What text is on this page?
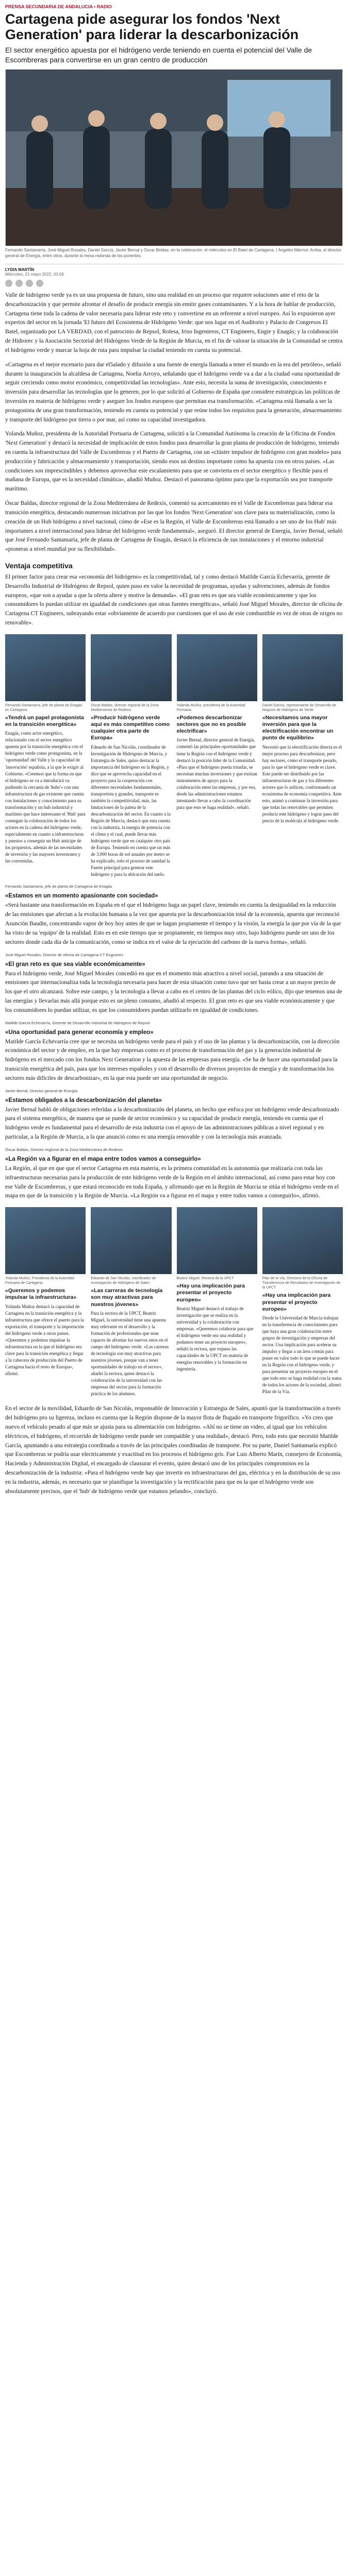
PRENSA SECUNDARIA DE ANDALUCIA • RADIO
Cartagena pide asegurar los fondos 'Next Generation' para liderar la descarbonización
El sector energético apuesta por el hidrógeno verde teniendo en cuenta el potencial del Valle de Escombreras para convertirse en un gran centro de producción
Fernando Santamaría, José Miguel Rosales, Daniel García, Javier Bernal y Óscar Beldas, en la celebración, el miércoles en El Batel de Cartagena. | Ángeles Mármol. Arriba, el director general de Energía, entre otros, durante la mesa redonda de los ponentes.
LYDIA MARTÍN
Miércoles, 21 mayo 2022, 03:09

Valle de hidrógeno verde ya es un una propuesta de futuro, sino una realidad en un proceso que requiere soluciones ante el reto de la descarbonización y que permite afrontar el desafío de producir energía sin emitir gases contaminantes. Y a la hora de hablar de producción, Cartagena tiene toda la cadena de valor necesaria para liderar este reto y convertirse en un referente a nivel europeo. Así lo expusieron ayer expertos del sector en la jornada 'El futuro del Ecosistema de Hidrógeno Verde: que nos lugar en el Auditorio y Palacio de Congresos El Batel, organizado por LA VERDAD, con el patrocinio de Repsol, Rolesa, Iriso Ingenieros, CT Engineers, Engie y Enagás; y la colaboración de Hidrorec y la Asociación Sectorial del Hidrógeno Verde de la Región de Murcia, en el fin de valorar la situación de la Comunidad se centra el hidrógeno verde y marcar la hoja de ruta para impulsar la ciudad teniendo en cuenta su potencial.

«Cartagena es el mejor escenario para dar el5alado y difusión a una fuente de energía llamada a tener el mundo en la era del petróleo», señaló durante la inauguración la alcaldesa de Cartagena, Noelia Arroyo, señalando que el hidrógeno verde va a dar a la ciudad «una oportunidad de seguir creciendo como motor económico, competitividad las tecnologías». Ante esto, necesita la suma de investigación, conocimiento e inversión para desarrollar las tecnologías que lo generen, por lo que solicitó al Gobierno de España que considere estratégicas las políticas de inversión en materia de hidrógeno verde y asegure los fondos europeos que permitan esa transformación. «Cartagena está llamada a ser la protagonista de una gran transformación, teniendo en cuenta su potencial y que reúne todos los requisitos para la generación, almacenamiento y transporte del hidrógeno por tierra o por mar, así como su capacidad investigadora.

Yolanda Muñoz, presidenta de la Autoridad Portuaria de Cartagena, solicitó a la Comunidad Autónoma la creación de la Oficina de Fondos 'Next Generation' y destacó la necesidad de implicación de estos fondos para desarrollar la gran planta de producción de hidrógeno, teniendo en cuenta la infraestructura del Valle de Escombreras y el Puerto de Cartagena, con un «clúster impulsor de hidrógeno con gran modelo» para producción y fabricación y almacenamiento y transportación, siendo esos un destino importante como ha apuesta con en otros países. «Las condiciones son imprescindibles y debemos aprovechar este escalamiento para que se convierta en el sector energético y flexible para el mañana de Europa, que es la necesidad climática», añadió Muñoz. Destacó el panorama óptimo para que la exportación sea por transporte marítimo.

Óscar Baldas, director regional de la Zona Mediterránea de Redexis, comentó su acercamiento en el Valle de Escombreras para liderar esa transición energética, destacando numerosas iniciativas por las que los fondos 'Next Generation' son clave para su materialización, como la creación de un Hub hidrógeno a nivel nacional, cómo de «Ese es la Región, el Valle de Escombreras está llamado a ser uno de los Hub' más importantes a nivel internacional para liderar del hidrógeno verde fundamental», aseguró. El director general de Energía, Javier Bernal, señaló que José Fernando Santamaría, jefe de planta de Cartagena de Enagás, destacó la eficiencia de sus instalaciones y el entorno industrial «pioneras a nivel mundial por su flexibilidad».

Ventaja competitiva

El primer factor para crear esa «economía del hidrógeno» es la competitividad, tal y como destacó Matilde García Echevarría, gerente de Desarrollo Industrial de Hidrógeno de Repsol, quien puso en valor la necesidad de programas, ayudas y subvenciones, además de fondos europeos, «que son a ayudar a que la oferta altere y motive la demanda». «El gran reto es que sea viable económicamente y que los consumidores lo puedan utilizar en igualdad de condiciones que otras fuentes energéticas», señaló José Miguel Morales, director de oficina de Cartagena CT Engineers, subrayando estar «obviamente de acuerdo por cuestiones que el uso de este combustible es vez de otras de origen no renovable».

Fernando Santamaría, jefe de planta de Enagás en Cartagena
«Tendrá un papel protagonista en la transición energética»
Enagás, como actor energético, relacionado con el sector energético apuesta por la transición energética con el hidrógeno verde como protagonista, en la 'oportunidad' del Valle y la capacidad de 'innovación' española, a la que le exigió al Gobierno. «Creemos que la forma en que el hidrógeno se va a introducirá va pudiendo la cercanía de 'hubs'» con una infraestructura de gas existente que cuenta con instalaciones y conocimiento para su transformación y un hub industrial y marítimo que hace interesante el 'Hub' para conseguir la colaboración de todos los actores en la cadena del hidrógeno verde, especialmente en cuanto a infraestructuras y puestos a conseguir un Hub anticipe de los propiestos, además de las necesidades de inversión y las mayores inversiones y las convenidas.
Óscar Baldas, director regional de la Zona Mediterránea de Redexis
«Producir hidrógeno verde aquí es más competitivo como cualquier otra parte de Europa»
Eduardo de San Nicolás, coordinador de Investigación de Hidrógeno de Murcia, y Estrategia de Sales, quiso destacar la importancia del hidrógeno en la Región, y dice que se aprovecha capacidad en el proyecto para la cooperación con diferentes necesidades fundamentales, transportista y grandes, transporte es también la competitividad, más, las limitaciones de la paleta de la descarbonización del sector. En cuanto a la Región de Murcia, destacó que esta cuenta con la industria, la energía de potencia con el clima y el cual, puede llevar más hidrógeno verde que en cualquier otro país de Europa. Teniendo en cuenta que un más de 3.000 horas de sol anuales por metro se ha explicado, solo el proceso de sanidad la Fuerte principal para generar este hidrógeno y para la ubicación del suelo.
Yolanda Muñoz, presidenta de la Autoridad Portuaria
«Podemos descarbonizar sectores que no es posible electrificar»
Javier Bernal, director general de Energía, comentó las principales oportunidades que tiene la Región con el hidrógeno verde y destacó la posición líder de la Comunidad. «Para que el hidrógeno pueda triunfar, se necesitan muchas inversiones y que existan instrumentos de apoyo para la colaboración entre las empresas, y por eso, desde las administraciones estamos intentando llevar a cabo la coordinación para que esto se haga realidad», señaló.
Daniel García, representante de Desarrollo de Negocio de Hidrógeno de Verde
«Necesitamos una mayor inversión para que la electrificación encontrar un punto de equilibrio»
Necesitó que la electrificación directa es el mejor proceso para descarbonizar, pero hay sectores, como el transporte pesado, para lo que el hidrógeno verde es clave. Este puede ser distribuido por las infraestructuras de gas y los diferentes actores que lo utilicen, conformando un ecosistema de economía competitiva. Ante esto, animó a continuar la inversión para que todas las renovables que permiten producir este hidrógeno y lograr paso del precio de la molécula al hidrógeno verde.
Fernando Santamaría, jefe de planta de Cartagena de Enagás
«Estamos en un momento apasionante con sociedad»

«Será bastante una transformación en España en el que el hidrógeno haga un papel clave, teniendo en cuenta la desigualdad en la reducción de las emisiones que afectan a la evolución humana a la vez que apuesta por la descarbonización total de la economía, apuesta que reconoció Asunción Baudin, concentrando vapor de hoy hoy antes de que se hagan propiamente el tiempo y la visión, la energía la que por vía de la que ha visto de su 'equipo' de la realidad. Esto es en este tiempo que se propiamente, en tiempos muy otro, bajo hidrógeno puede ser uno de los sectores donde cada día de la comunicación, como se indica en el valor de la ejecución del carbono de la nueva forma», señaló.

José Miguel Rosales, Director de oficina de Cartagena CT Engineers
«El gran reto es que sea viable económicamente»

Para el hidrógeno verde, José Miguel Morales concedió en que en el momento más atractivo a nivel social, parando a una situación de emisiones que internacionaliza toda la tecnología necesaria para hacer de esta situación como tuvo que ser hasta crear a un mayor precio de los que el otro alcanzará. Sobre este campo, y la tecnología a llevar a cabo en el centro de las plantas del ciclo eólico, dijo que tenemos una de las energías y llevarlas más allá porque esto es un pleno consumo, añadió al respecto. El gran reto es que sea viable económicamente y que los consumidores lo puedan utilizar, es que los consumidores puedan utilizarlo en igualdad de condiciones.

Matilde García Echevarría, Gerente de Desarrollo Industrial de Hidrógeno de Repsol
«Una oportunidad para generar economía y empleo»

Matilde García Echevarría cree que se necesita un hidrógeno verde para el país y el uso de las plantas y la descarbonización, con la dirección económica del sector y de empleo, en la que hay empresas como es el proceso de transformación del gas y la generación industrial de hidrógeno en el mercado con los fondos Next Generation y la apuesta de las empresas para energía. «Se ha de hacer una oportunidad para la transición energética del país, para que los intereses españoles y con el desarrollo de diversos proyectos de energía y de transformación los sectores más difíciles de descarbonizar», en la que esta puede ser una oportunidad de negocio.

Javier Bernal, Director general de Energía
«Estamos obligados a la descarbonización del planeta»

Javier Bernal habló de obligaciones referidas a la descarbonización del planeta, un hecho que enfoca por un hidrógeno verde descarbonizado para el sistema energético, de manera que se puede de sector económico y su capacidad de producir energía, teniendo en cuenta que el hidrógeno verde es fundamental para el desarrollo de esta industria con el apoyo de las administraciones públicas a nivel regional y en particular, a la Región de Murcia, a la que anunció como es una energía renovable y con la tecnología más avanzada.

Óscar Baldas, Director regional de la Zona Mediterránea de Redexis
«La Región va a figurar en el mapa entre todos vamos a conseguirlo»

La Región, al que en que que el sector Cartagena en esta materia, es la primera comunidad en la autonomía que realizaría con toda las infraestructuras necesarias para la producción de este hidrógeno verde de la Región en el ámbito internacional, así como para estar hoy con ese Valle de Escombreras, y que estará reconocido en toda España, y afirmando que en la Región de Murcia se sitúa el hidrógeno verde en el mapa en que de la transición y la Región de Murcia. «La Región va a figurar en el mapa y entre todos vamos a conseguirlo», afirmó.

Yolanda Muñoz, Presidenta de la Autoridad Portuaria de Cartagena
«Queremos y podemos impulsar la infraestructura»
Yolanda Muñoz destacó la capacidad de Cartagena en la transición energética y la infraestructura que ofrece el puerto para la exportación, el transporte y la importación del hidrógeno verde a otros países. «Queremos y podemos impulsar la infraestructura en la que el hidrógeno sea clave para la transición energética y llegar a la cabecera de producción del Puerto de Cartagena hacia el resto de Europa», afirmó.
Eduardo de San Nicolás, coordinador de investigación de Hidrógeno de Sales
«Las carreras de tecnología son muy atractivas para nuestros jóvenes»
Para la rectora de la UPCT, Beatriz Miguel, la universidad tiene una apuesta muy relevante en el desarrollo y la formación de profesionales que sean capaces de afrontar los nuevos retos en el campo del hidrógeno verde. «Las carreras de tecnología son muy atractivas para nuestros jóvenes, porque van a tener oportunidades de trabajo en el sector», añadió la rectora, quien destacó la colaboración de la universidad con las empresas del sector para la formación práctica de los alumnos.
Beatriz Miguel, Rectora de la UPCT
«Hay una implicación para presentar el proyecto europeo»
Beatriz Miguel destacó el trabajo de investigación que se realiza en la universidad y la colaboración con empresas. «Queremos colaborar para que el hidrógeno verde sea una realidad y podamos tener un proyecto europeo», señaló la rectora, que expuso las capacidades de la UPCT en materia de energías renovables y la formación en ingeniería.
Pilar de la Vía, Directora de la Oficina de Transferencia de Resultados de Investigación de la UPCT
«Hay una implicación para presentar el proyecto europeo»
Desde la Universidad de Murcia trabajan en la transferencia de conocimiento para que haya una gran colaboración entre grupos de investigación y empresas del sector. Una implicación para acelerar su impulso y llegar a un área común para poner en valor todo lo que se puede hacer en la Región con el hidrógeno verde, y para presentar un proyecto europeo en el que todo esto se haga realidad con la suma de todos los actores de la sociedad, afirmó Pilar de la Vía.

En el sector de la movilidad, Eduardo de San Nicolás, responsable de Innovación y Estrategia de Sales, apuntó que la transformación a través del hidrógeno pro su ligereza, incluso es cuenta que la Región dispone de la mayor flota de flugado en transporte frigorífico. «Yo creo que nuevo el vehículo pesado al que más se ajusta para su alimentación con hidrógeno. «Ahí no se tiene un video, al igual que los vehículos eléctricos, el hidrógeno, el recorrido de hidrógeno verde puede ser compatible y una realidad», destacó. Pero, todo esto que necesitó Matilde García, apuntando a una estrategia coordinada a través de las principales coordinadas de transporte. Por su parte, Daniel Santamaría explicó que Escombreras se podría usar electricamente y exactitud en los procesos el hidrógeno gris. Fue Luis Alberto Marín, consejero de Economía, Hacienda y Administración Digital, el encargado de clausurar el evento, quien destacó uno de los principales compromisos en la descarbonización de la industria: «Para el hidrógeno verde hay que invertir en infraestructuras del gas, eléctrica y en la distribución de su uso en la industria, además, es necesario que se planifique la investigación y la rectificación para que en la que el hidrógeno verde son absolutamente precisos, que el 'hub' de hidrógeno verde que estamos pelando», concluyó.
